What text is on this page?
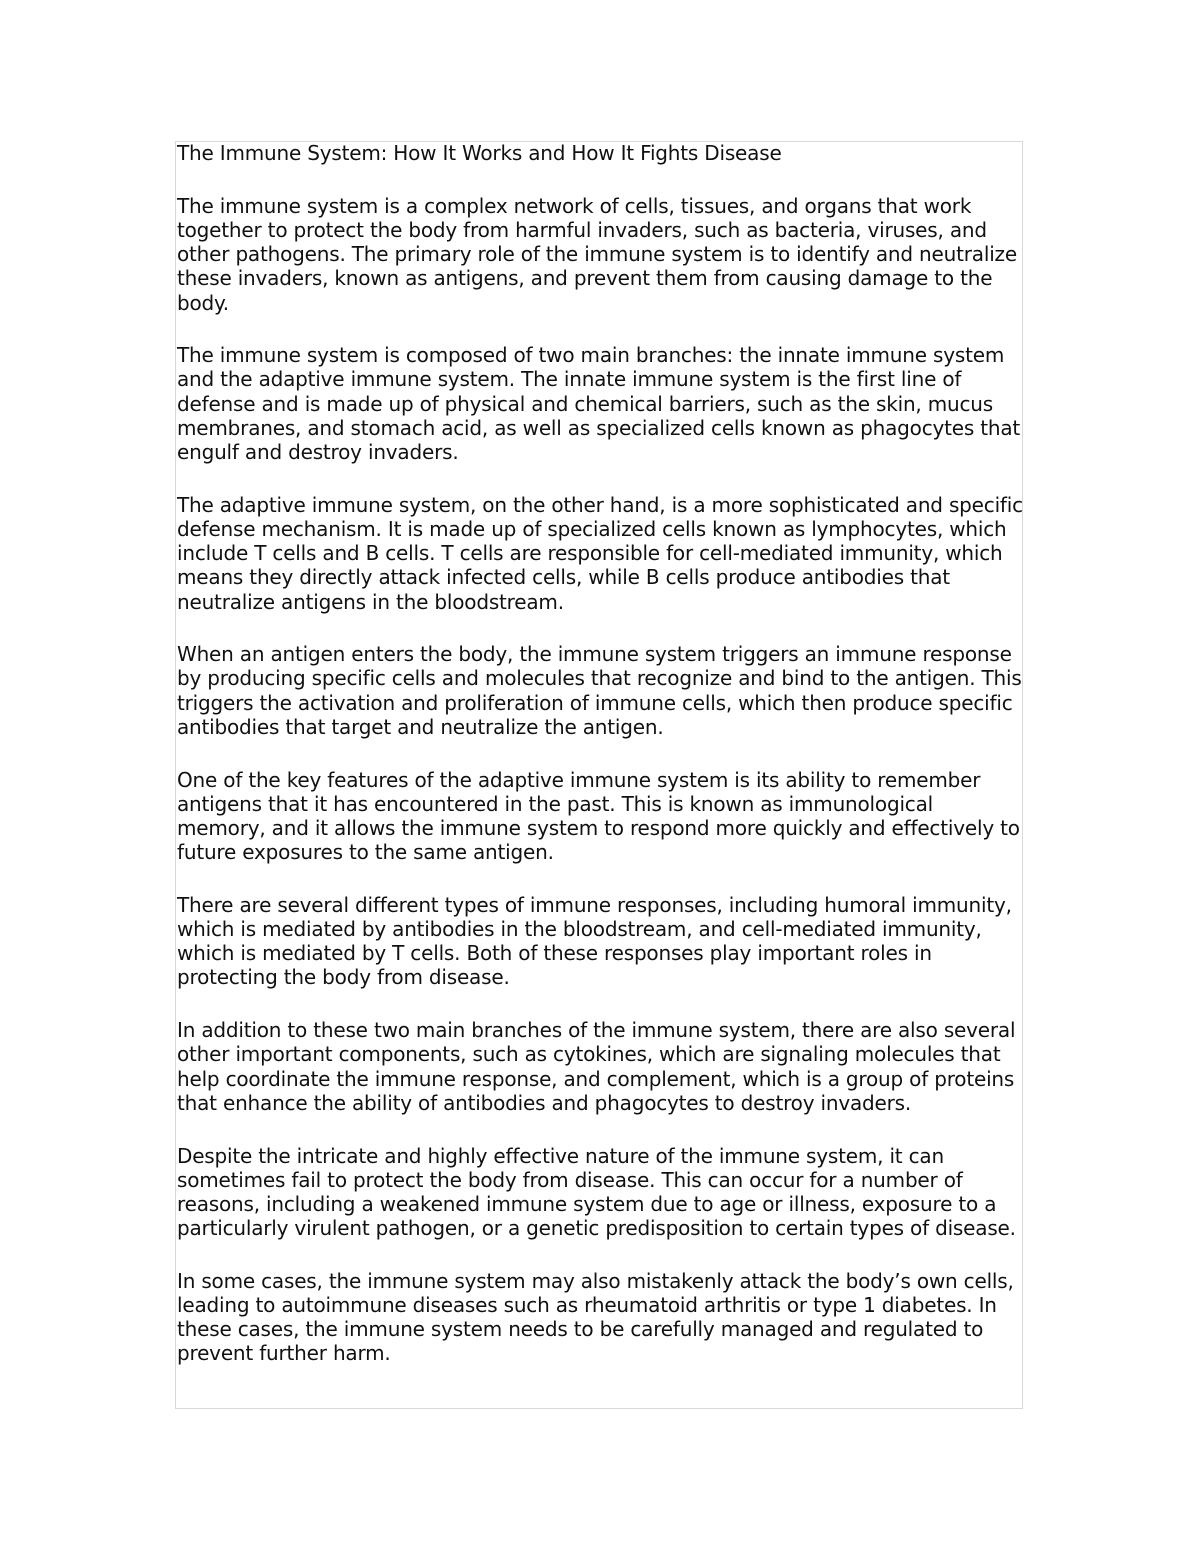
The Immune System: How It Works and How It Fights Disease

The immune system is a complex network of cells, tissues, and organs that work together to protect the body from harmful invaders, such as bacteria, viruses, and other pathogens. The primary role of the immune system is to identify and neutralize these invaders, known as antigens, and prevent them from causing damage to the body.

The immune system is composed of two main branches: the innate immune system and the adaptive immune system. The innate immune system is the first line of defense and is made up of physical and chemical barriers, such as the skin, mucus membranes, and stomach acid, as well as specialized cells known as phagocytes that engulf and destroy invaders.

The adaptive immune system, on the other hand, is a more sophisticated and specific defense mechanism. It is made up of specialized cells known as lymphocytes, which include T cells and B cells. T cells are responsible for cell-mediated immunity, which means they directly attack infected cells, while B cells produce antibodies that neutralize antigens in the bloodstream.

When an antigen enters the body, the immune system triggers an immune response by producing specific cells and molecules that recognize and bind to the antigen. This triggers the activation and proliferation of immune cells, which then produce specific antibodies that target and neutralize the antigen.

One of the key features of the adaptive immune system is its ability to remember antigens that it has encountered in the past. This is known as immunological memory, and it allows the immune system to respond more quickly and effectively to future exposures to the same antigen.

There are several different types of immune responses, including humoral immunity, which is mediated by antibodies in the bloodstream, and cell-mediated immunity, which is mediated by T cells. Both of these responses play important roles in protecting the body from disease.

In addition to these two main branches of the immune system, there are also several other important components, such as cytokines, which are signaling molecules that help coordinate the immune response, and complement, which is a group of proteins that enhance the ability of antibodies and phagocytes to destroy invaders.

Despite the intricate and highly effective nature of the immune system, it can sometimes fail to protect the body from disease. This can occur for a number of reasons, including a weakened immune system due to age or illness, exposure to a particularly virulent pathogen, or a genetic predisposition to certain types of disease.

In some cases, the immune system may also mistakenly attack the body’s own cells, leading to autoimmune diseases such as rheumatoid arthritis or type 1 diabetes. In these cases, the immune system needs to be carefully managed and regulated to prevent further harm.
